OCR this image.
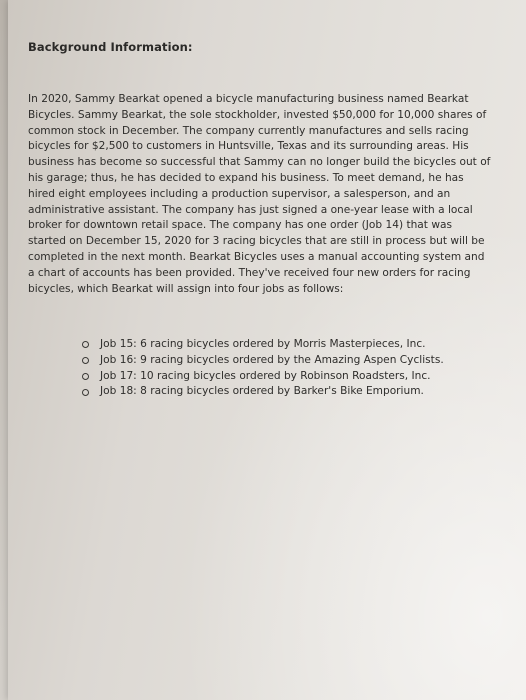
Background Information:

In 2020, Sammy Bearkat opened a bicycle manufacturing business named Bearkat
Bicycles. Sammy Bearkat, the sole stockholder, invested $50,000 for 10,000 shares of
common stock in December. The company currently manufactures and sells racing
bicycles for $2,500 to customers in Huntsville, Texas and its surrounding areas. His
business has become so successful that Sammy can no longer build the bicycles out of
his garage; thus, he has decided to expand his business. To meet demand, he has
hired eight employees including a production supervisor, a salesperson, and an
administrative assistant. The company has just signed a one-year lease with a local
broker for downtown retail space. The company has one order (Job 14) that was
started on December 15, 2020 for 3 racing bicycles that are still in process but will be
completed in the next month. Bearkat Bicycles uses a manual accounting system and
a chart of accounts has been provided. They've received four new orders for racing
bicycles, which Bearkat will assign into four jobs as follows:

Job 15: 6 racing bicycles ordered by Morris Masterpieces, Inc.
Job 16: 9 racing bicycles ordered by the Amazing Aspen Cyclists.
Job 17: 10 racing bicycles ordered by Robinson Roadsters, Inc.
Job 18: 8 racing bicycles ordered by Barker's Bike Emporium.
